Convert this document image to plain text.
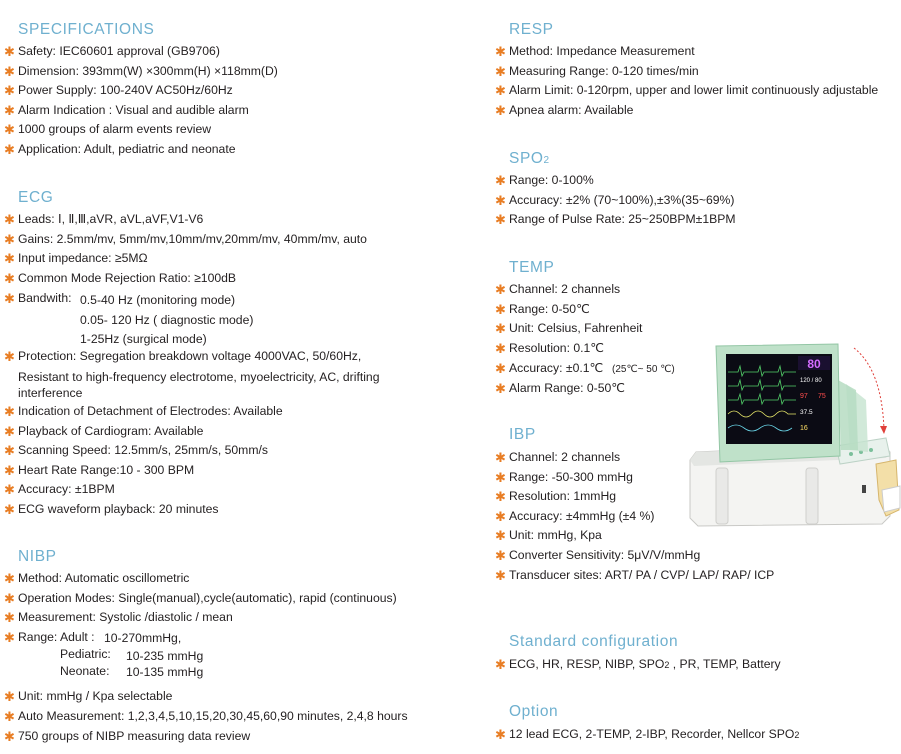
SPECIFICATIONS
✱ Safety: IEC60601 approval (GB9706)
✱ Dimension: 393mm(W) ×300mm(H) ×118mm(D)
✱ Power Supply: 100-240V AC50Hz/60Hz
✱ Alarm Indication : Visual and audible alarm
✱ 1000 groups of alarm events review
✱ Application: Adult, pediatric and neonate
ECG
✱ Leads: Ⅰ, Ⅱ,Ⅲ,aVR, aVL,aVF,V1-V6
✱ Gains: 2.5mm/mv, 5mm/mv,10mm/mv,20mm/mv, 40mm/mv, auto
✱ Input impedance: ≥5MΩ
✱ Common Mode Rejection Ratio: ≥100dB
✱ Bandwith: 0.5-40 Hz (monitoring mode)
0.05- 120 Hz ( diagnostic mode)
1-25Hz (surgical mode)
✱ Protection: Segregation breakdown voltage 4000VAC, 50/60Hz,
Resistant to high-frequency electrotome, myoelectricity, AC, drifting
interference
✱ Indication of Detachment of Electrodes: Available
✱ Playback of Cardiogram: Available
✱ Scanning Speed: 12.5mm/s, 25mm/s, 50mm/s
✱ Heart Rate Range:10 - 300 BPM
✱ Accuracy: ±1BPM
✱ ECG waveform playback: 20 minutes
NIBP
✱ Method: Automatic oscillometric
✱ Operation Modes: Single(manual),cycle(automatic), rapid (continuous)
✱ Measurement: Systolic /diastolic / mean
✱ Range: Adult : 10-270mmHg,
Pediatric: 10-235 mmHg
Neonate: 10-135 mmHg
✱ Unit: mmHg / Kpa selectable
✱ Auto Measurement: 1,2,3,4,5,10,15,20,30,45,60,90 minutes, 2,4,8 hours
✱ 750 groups of NIBP measuring data review
RESP
✱ Method: Impedance Measurement
✱ Measuring Range: 0-120 times/min
✱ Alarm Limit: 0-120rpm, upper and lower limit continuously adjustable
✱ Apnea alarm: Available
SPO2
✱ Range: 0-100%
✱ Accuracy: ±2% (70~100%),±3%(35~69%)
✱ Range of Pulse Rate: 25~250BPM±1BPM
TEMP
✱ Channel: 2 channels
✱ Range: 0-50℃
✱ Unit: Celsius, Fahrenheit
✱ Resolution: 0.1℃
✱ Accuracy: ±0.1℃
✱ Alarm Range: 0-50℃
(25℃~ 50 ℃)
IBP
✱ Channel: 2 channels
✱ Range: -50-300 mmHg
✱ Resolution: 1mmHg
✱ Accuracy: ±4mmHg (±4 %)
✱ Unit: mmHg, Kpa
✱ Converter Sensitivity: 5μV/V/mmHg
✱ Transducer sites: ART/ PA / CVP/ LAP/ RAP/ ICP
Standard configuration
✱ ECG, HR, RESP, NIBP, SPO2 , PR, TEMP, Battery
Option
✱ 12 lead ECG, 2-TEMP, 2-IBP, Recorder, Nellcor SPO2
80
120 / 80
97 75
37.5
16
